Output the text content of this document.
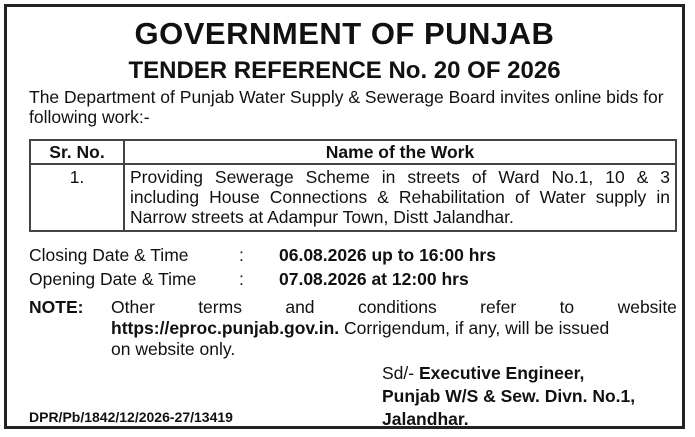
GOVERNMENT OF PUNJAB
TENDER REFERENCE No. 20 OF 2026
The Department of Punjab Water Supply & Sewerage Board invites online bids for following work:-
Sr. No.	Name of the Work
1.	Providing Sewerage Scheme in streets of Ward No.1, 10 & 3 including House Connections & Rehabilitation of Water supply in Narrow streets at Adampur Town, Distt Jalandhar.
Closing Date & Time	:	06.08.2026 up to 16:00 hrs
Opening Date & Time	:	07.08.2026 at 12:00 hrs
NOTE: Other terms and conditions refer to website
https://eproc.punjab.gov.in. Corrigendum, if any, will be issued
on website only.
Sd/- Executive Engineer,
Punjab W/S & Sew. Divn. No.1,
Jalandhar.
DPR/Pb/1842/12/2026-27/13419
